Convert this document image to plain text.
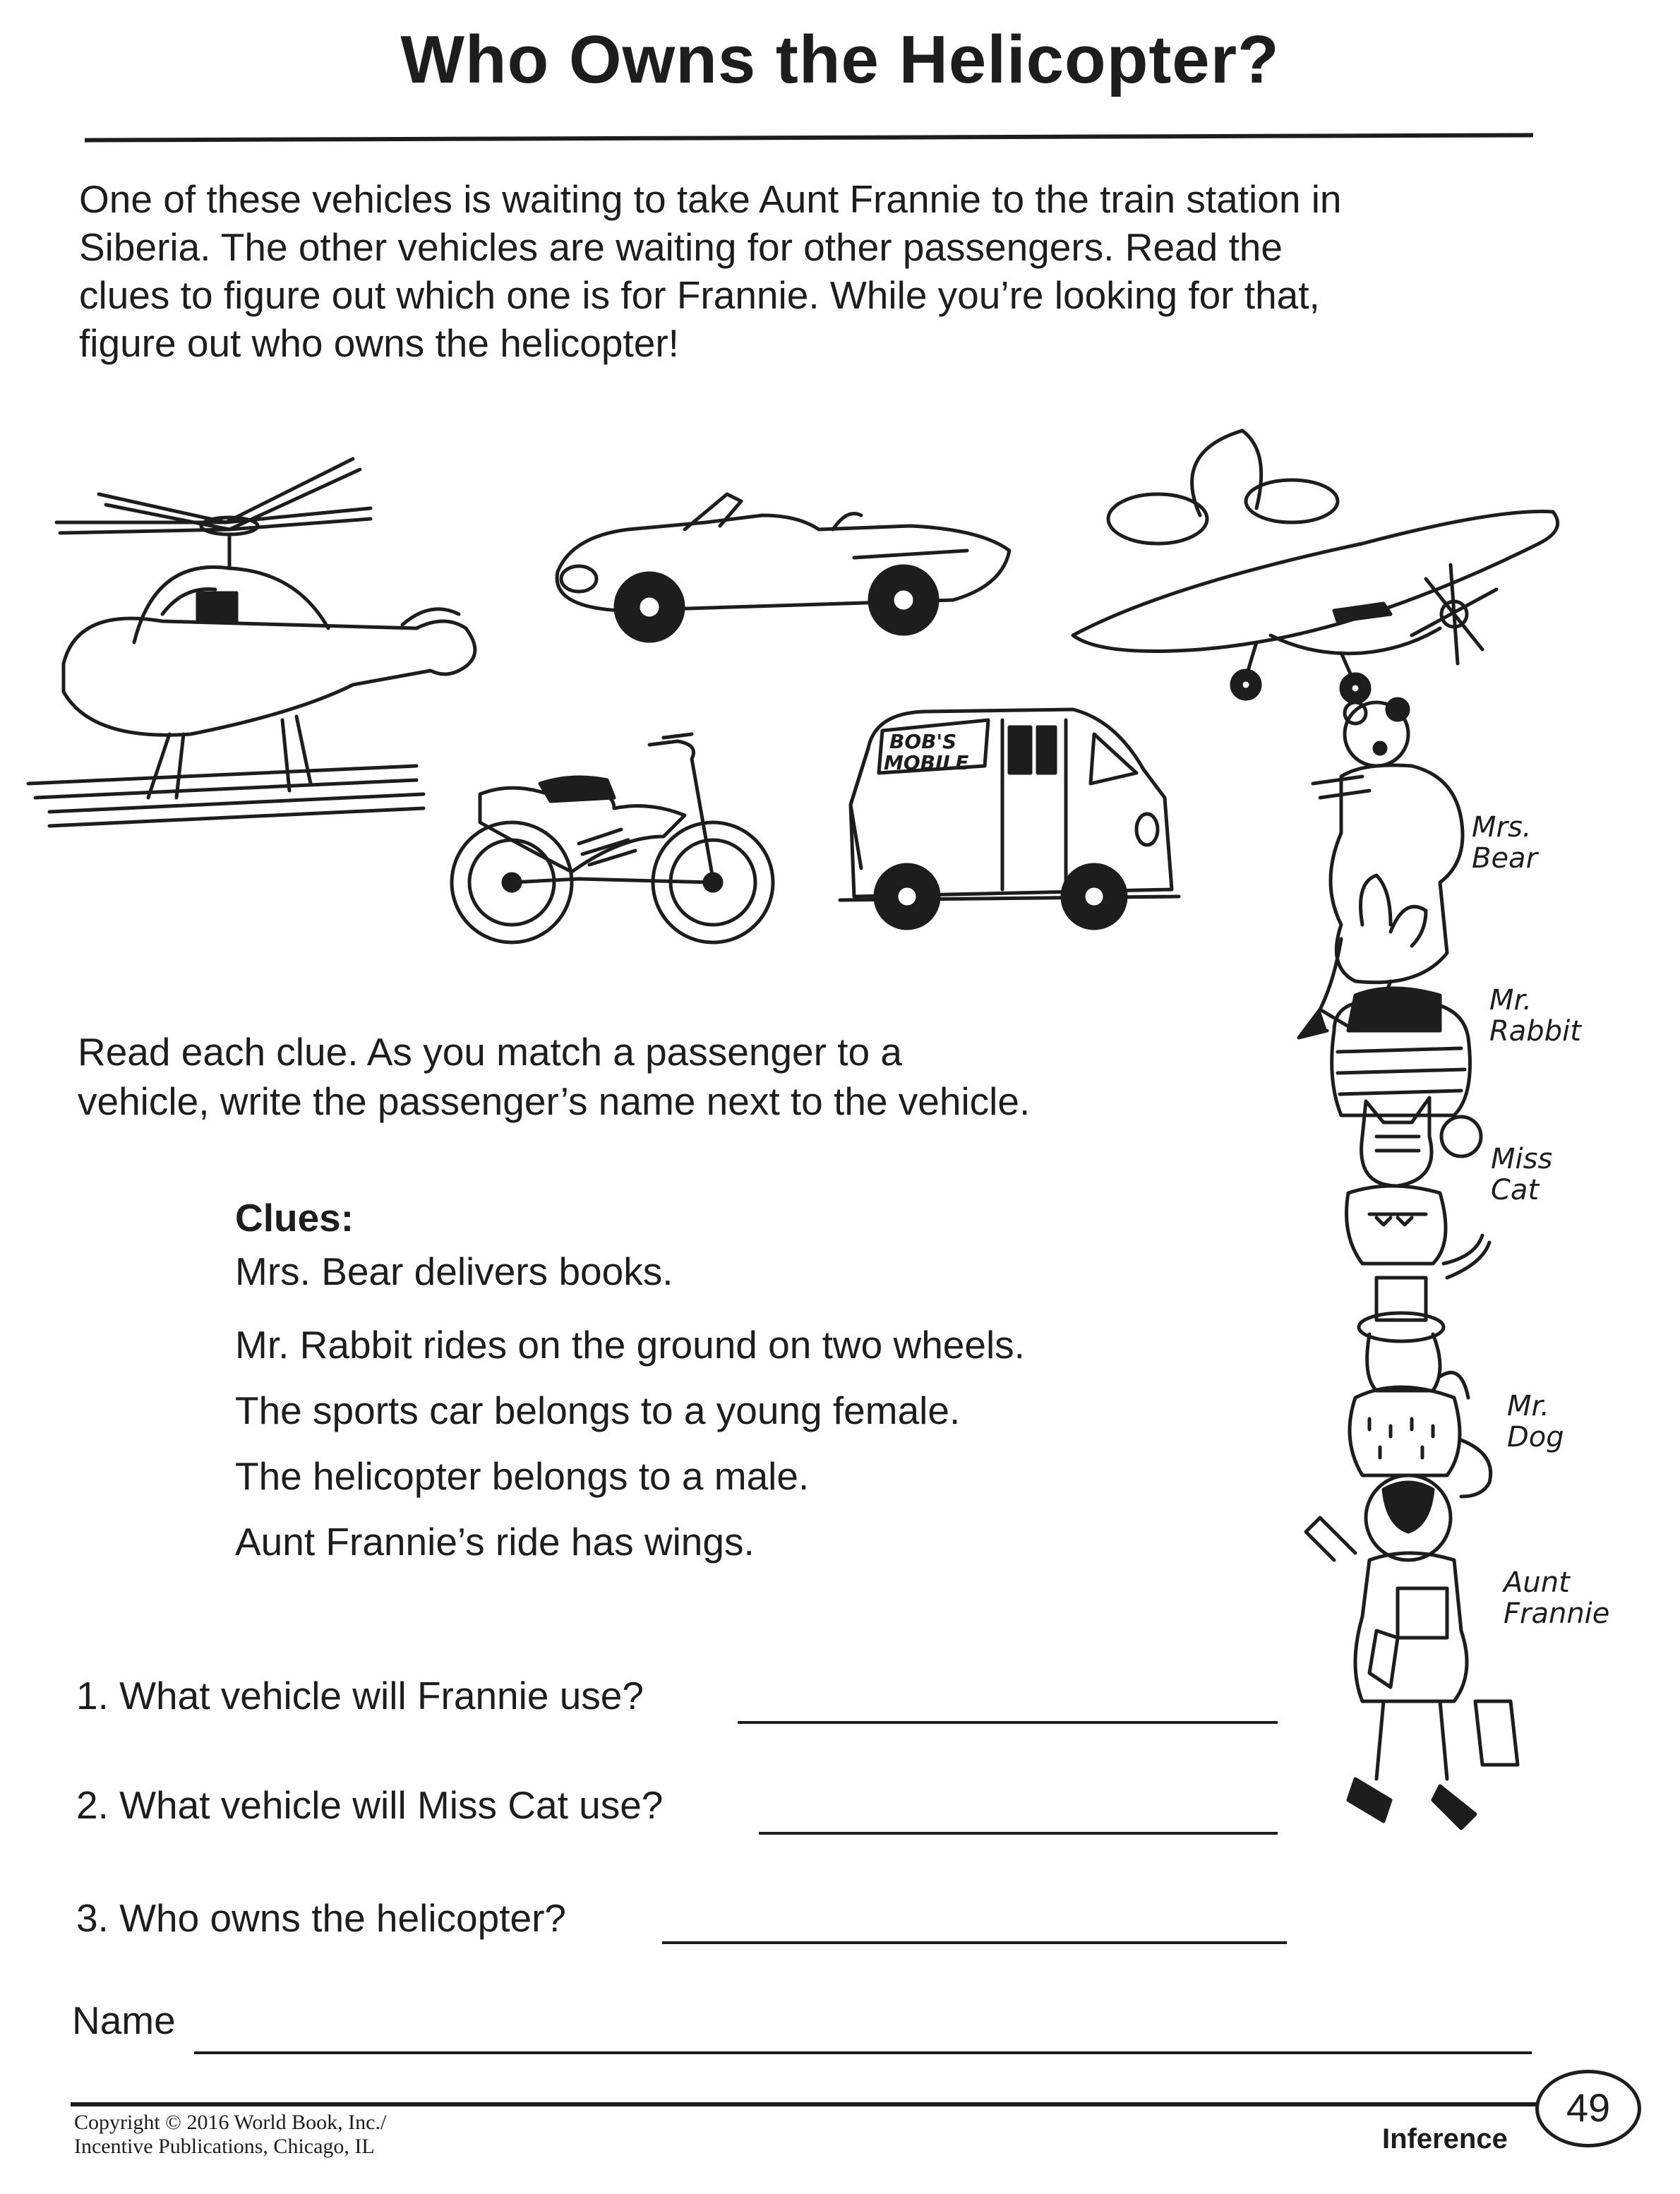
Who Owns the Helicopter?
One of these vehicles is waiting to take Aunt Frannie to the train station in
Siberia. The other vehicles are waiting for other passengers. Read the
clues to figure out which one is for Frannie. While you’re looking for that,
figure out who owns the helicopter!
BOB'S
MOBILE
Mrs. Bear
Mr. Rabbit
Miss Cat
Mr. Dog
Aunt Frannie
Read each clue. As you match a passenger to a
vehicle, write the passenger’s name next to the vehicle.
Clues:
Mrs. Bear delivers books.
Mr. Rabbit rides on the ground on two wheels.
The sports car belongs to a young female.
The helicopter belongs to a male.
Aunt Frannie’s ride has wings.
1. What vehicle will Frannie use?
2. What vehicle will Miss Cat use?
3. Who owns the helicopter?
Name
Copyright © 2016 World Book, Inc./
Incentive Publications, Chicago, IL	Inference
49
